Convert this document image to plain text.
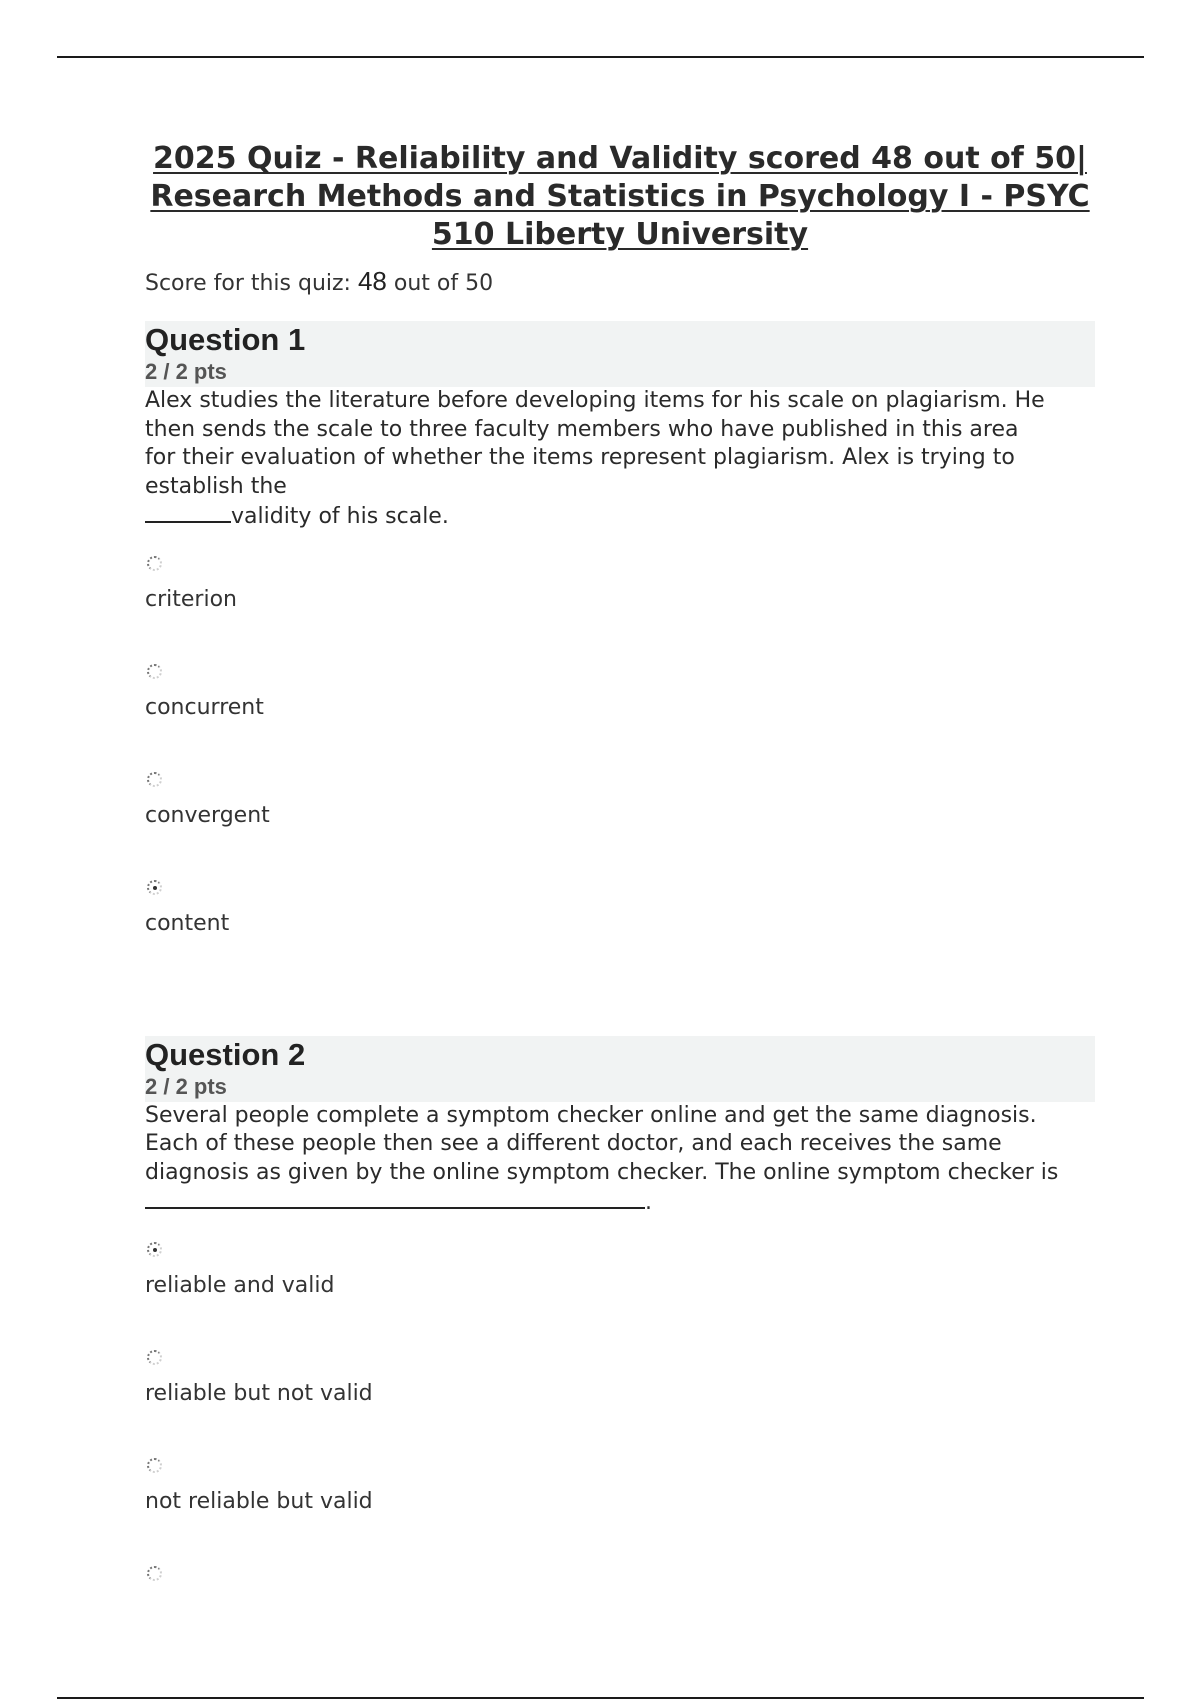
2025 Quiz - Reliability and Validity scored 48 out of 50| Research Methods and Statistics in Psychology I - PSYC 510 Liberty University
Score for this quiz: 48 out of 50
Question 1
2 / 2 pts

Alex studies the literature before developing items for his scale on plagiarism. He then sends the scale to three faculty members who have published in this area for their evaluation of whether the items represent plagiarism. Alex is trying to establish the
validity of his scale.

criterion
concurrent
convergent
content
Question 2
2 / 2 pts

Several people complete a symptom checker online and get the same diagnosis. Each of these people then see a different doctor, and each receives the same diagnosis as given by the online symptom checker. The online symptom checker is .

reliable and valid
reliable but not valid
not reliable but valid
